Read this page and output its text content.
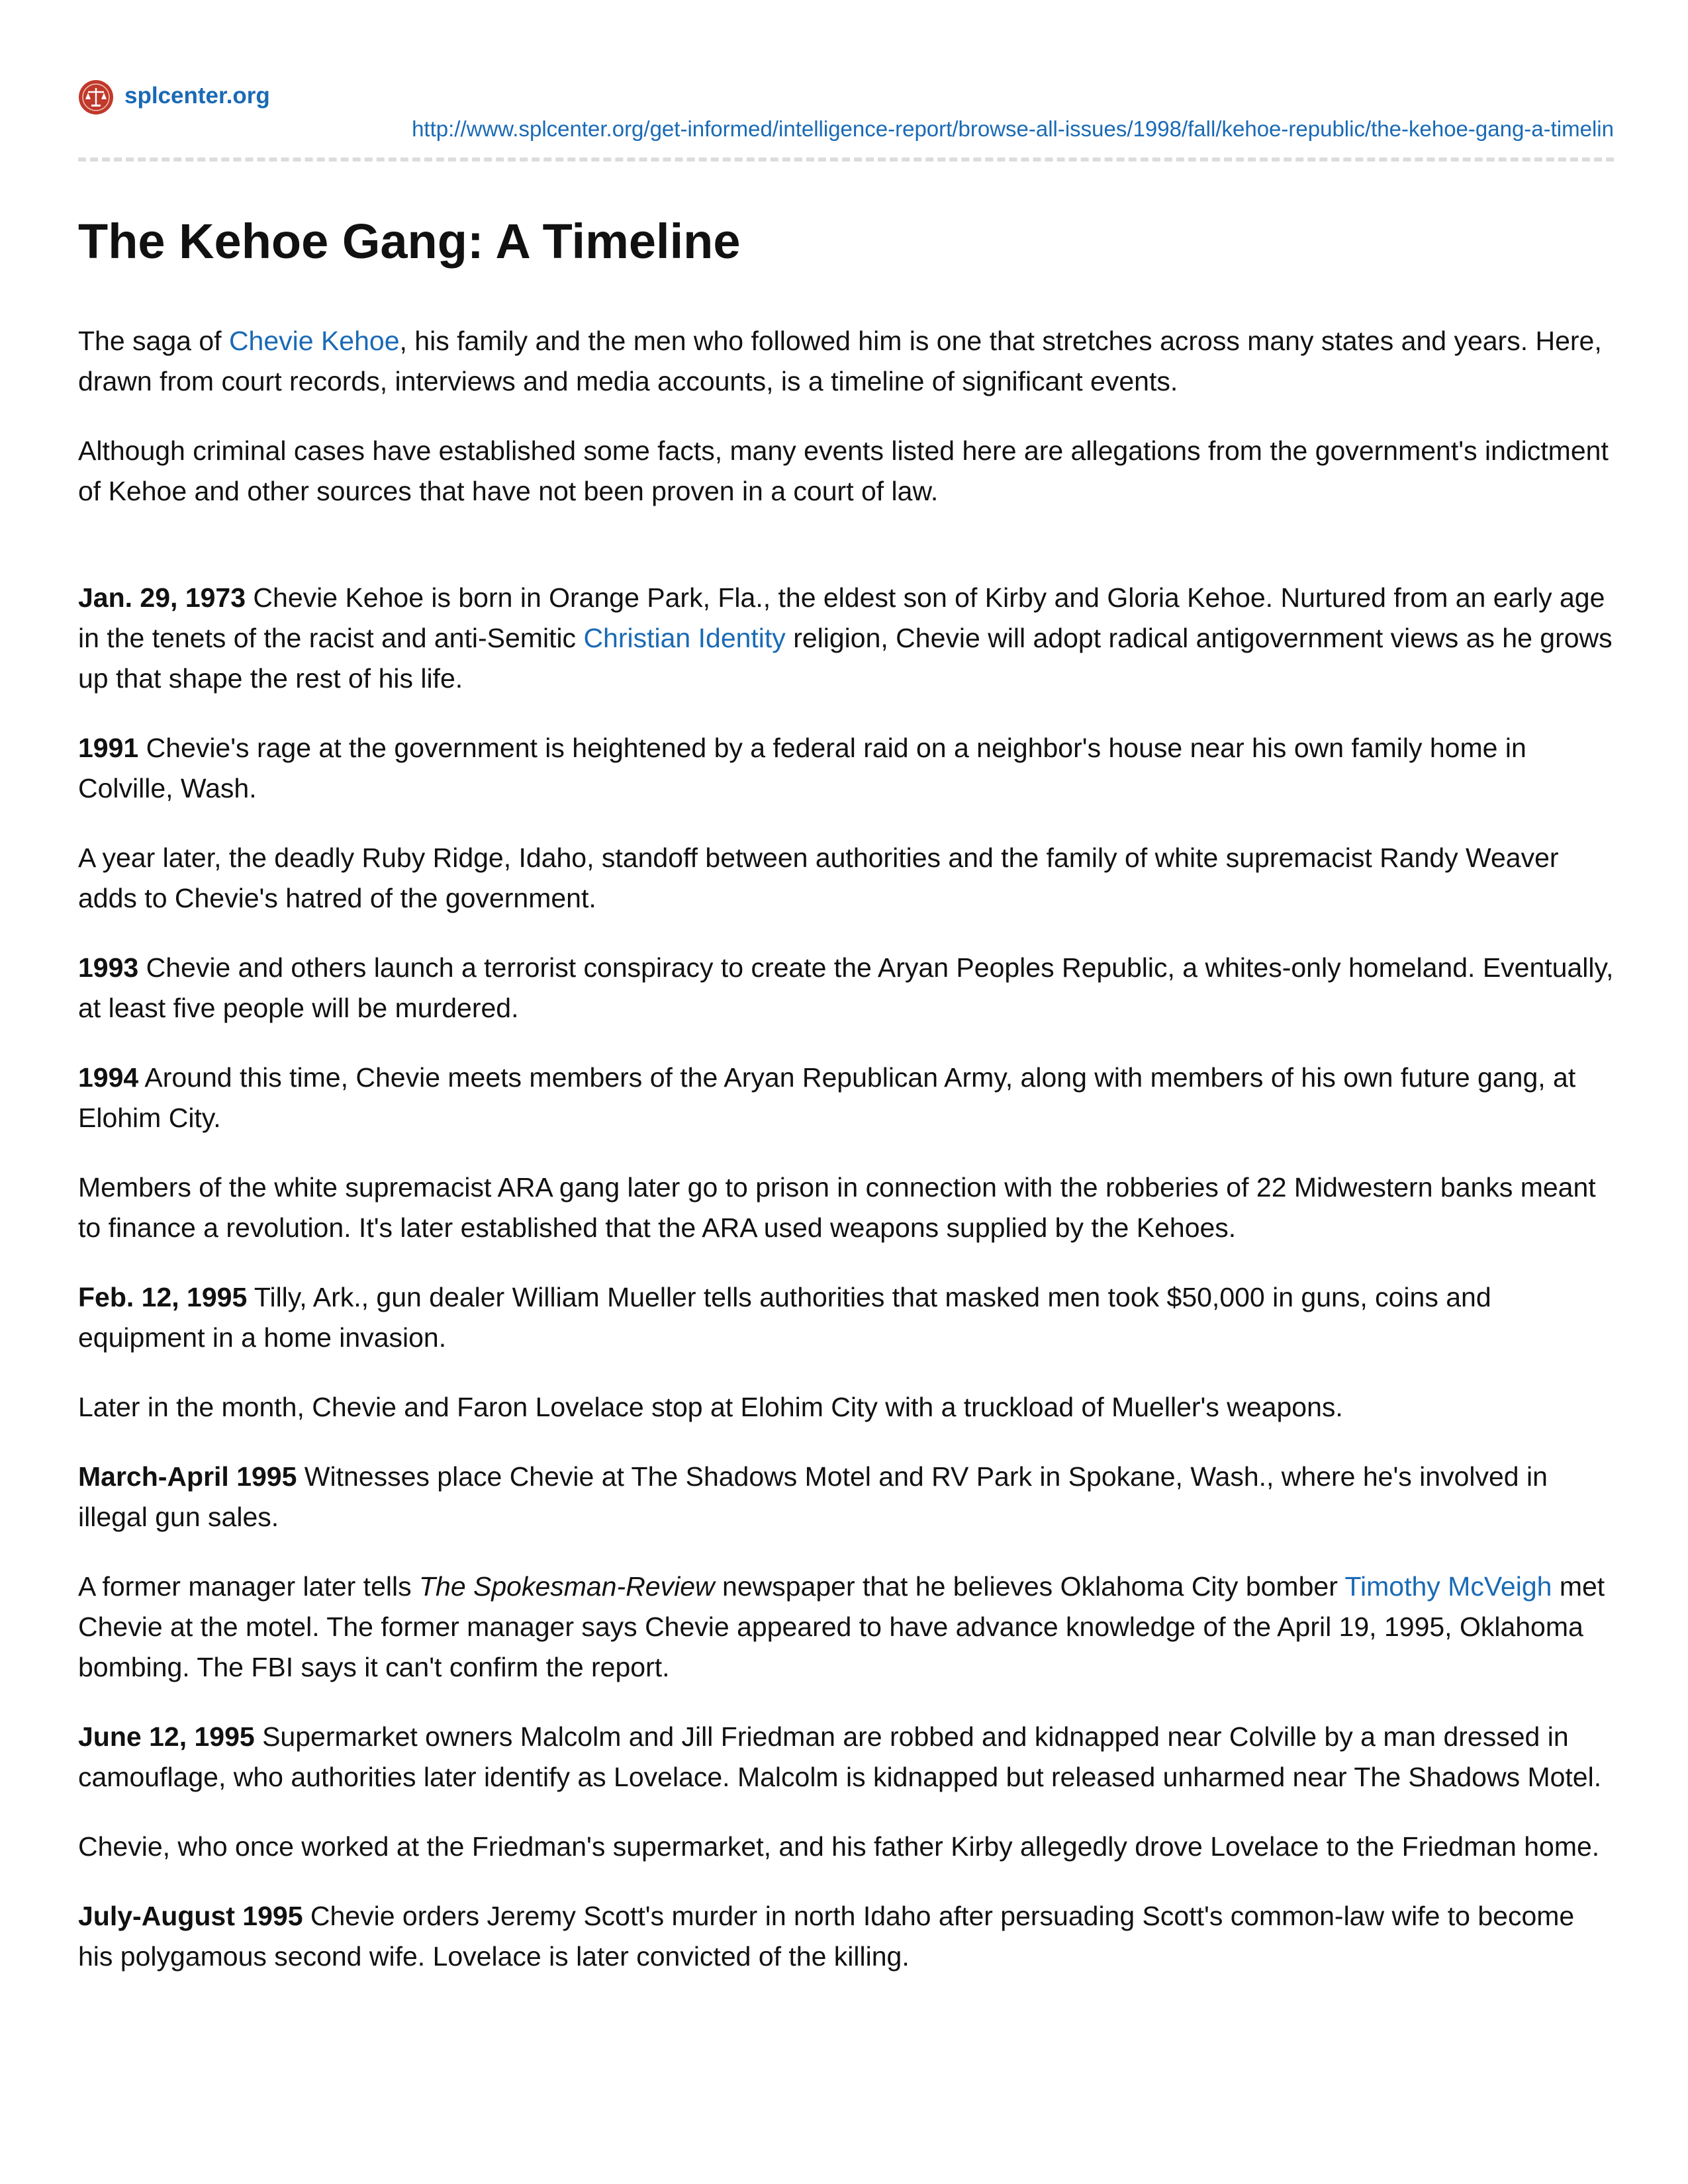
splcenter.org
http://www.splcenter.org/get-informed/intelligence-report/browse-all-issues/1998/fall/kehoe-republic/the-kehoe-gang-a-timelin
The Kehoe Gang: A Timeline

The saga of Chevie Kehoe, his family and the men who followed him is one that stretches across many states and years. Here, drawn from court records, interviews and media accounts, is a timeline of significant events.

Although criminal cases have established some facts, many events listed here are allegations from the government's indictment of Kehoe and other sources that have not been proven in a court of law.

Jan. 29, 1973 Chevie Kehoe is born in Orange Park, Fla., the eldest son of Kirby and Gloria Kehoe. Nurtured from an early age in the tenets of the racist and anti-Semitic Christian Identity religion, Chevie will adopt radical antigovernment views as he grows up that shape the rest of his life.

1991 Chevie's rage at the government is heightened by a federal raid on a neighbor's house near his own family home in Colville, Wash.

A year later, the deadly Ruby Ridge, Idaho, standoff between authorities and the family of white supremacist Randy Weaver adds to Chevie's hatred of the government.

1993 Chevie and others launch a terrorist conspiracy to create the Aryan Peoples Republic, a whites-only homeland. Eventually, at least five people will be murdered.

1994 Around this time, Chevie meets members of the Aryan Republican Army, along with members of his own future gang, at Elohim City.

Members of the white supremacist ARA gang later go to prison in connection with the robberies of 22 Midwestern banks meant to finance a revolution. It's later established that the ARA used weapons supplied by the Kehoes.

Feb. 12, 1995 Tilly, Ark., gun dealer William Mueller tells authorities that masked men took $50,000 in guns, coins and equipment in a home invasion.

Later in the month, Chevie and Faron Lovelace stop at Elohim City with a truckload of Mueller's weapons.

March-April 1995 Witnesses place Chevie at The Shadows Motel and RV Park in Spokane, Wash., where he's involved in illegal gun sales.

A former manager later tells The Spokesman-Review newspaper that he believes Oklahoma City bomber Timothy McVeigh met Chevie at the motel. The former manager says Chevie appeared to have advance knowledge of the April 19, 1995, Oklahoma bombing. The FBI says it can't confirm the report.

June 12, 1995 Supermarket owners Malcolm and Jill Friedman are robbed and kidnapped near Colville by a man dressed in camouflage, who authorities later identify as Lovelace. Malcolm is kidnapped but released unharmed near The Shadows Motel.

Chevie, who once worked at the Friedman's supermarket, and his father Kirby allegedly drove Lovelace to the Friedman home.

July-August 1995 Chevie orders Jeremy Scott's murder in north Idaho after persuading Scott's common-law wife to become his polygamous second wife. Lovelace is later convicted of the killing.
